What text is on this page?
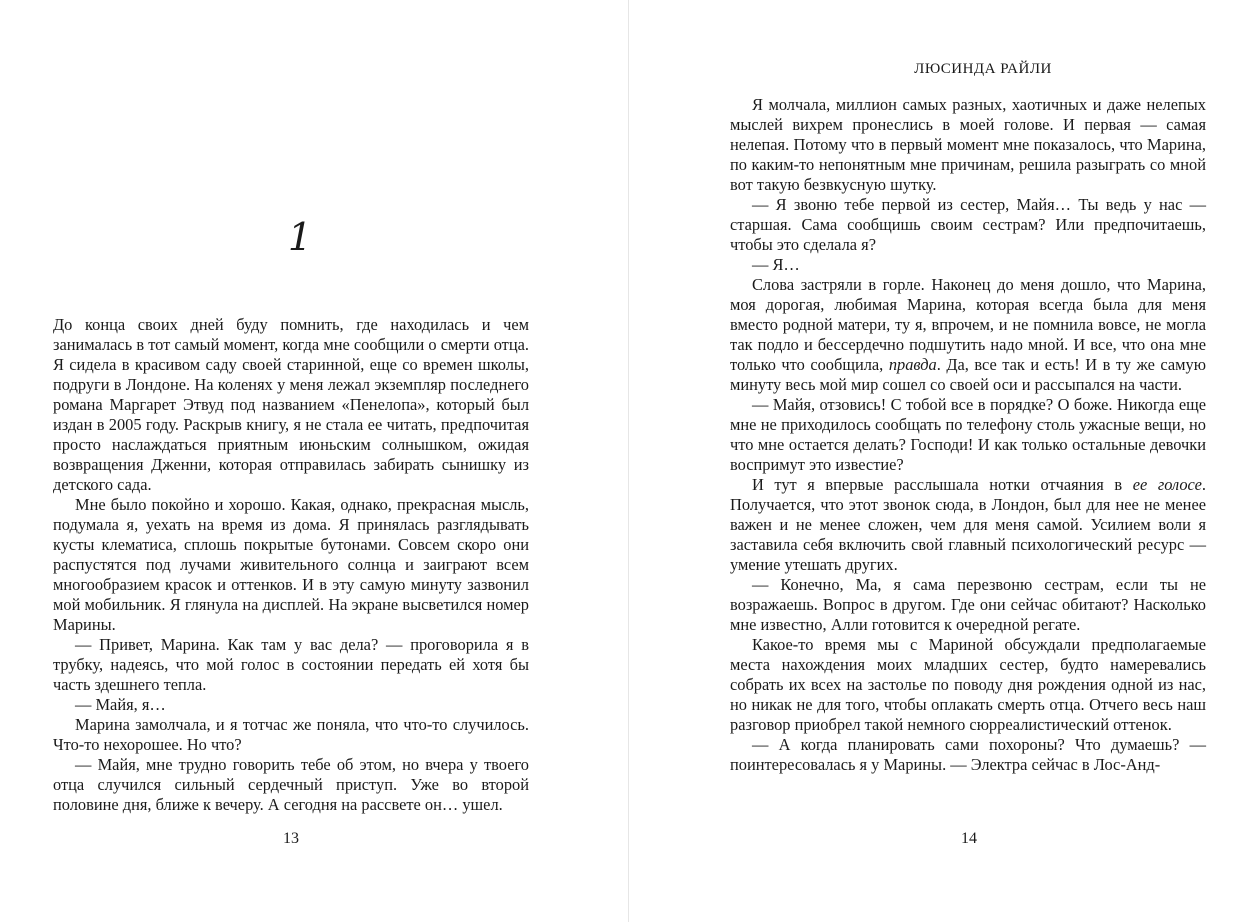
1

До конца своих дней буду помнить, где находилась и чем занималась в тот самый момент, когда мне сообщили о смерти отца. Я сидела в красивом саду своей старинной, еще со времен школы, подруги в Лондоне. На коленях у меня лежал экземпляр последнего романа Маргарет Этвуд под названием «Пенелопа», который был издан в 2005 году. Раскрыв книгу, я не стала ее читать, предпочитая просто наслаждаться приятным июньским солнышком, ожидая возвращения Дженни, которая отправилась забирать сынишку из детского сада.

Мне было покойно и хорошо. Какая, однако, прекрасная мысль, подумала я, уехать на время из дома. Я принялась разглядывать кусты клематиса, сплошь покрытые бутонами. Совсем скоро они распустятся под лучами живительного солнца и заиграют всем многообразием красок и оттенков. И в эту самую минуту зазвонил мой мобильник. Я глянула на дисплей. На экране высветился номер Марины.

— Привет, Марина. Как там у вас дела? — проговорила я в трубку, надеясь, что мой голос в состоянии передать ей хотя бы часть здешнего тепла.

— Майя, я…

Марина замолчала, и я тотчас же поняла, что что-то случилось. Что-то нехорошее. Но что?

— Майя, мне трудно говорить тебе об этом, но вчера у твоего отца случился сильный сердечный приступ. Уже во второй половине дня, ближе к вечеру. А сегодня на рассвете он… ушел.

13
ЛЮСИНДА РАЙЛИ

Я молчала, миллион самых разных, хаотичных и даже нелепых мыслей вихрем пронеслись в моей голове. И первая — самая нелепая. Потому что в первый момент мне показалось, что Марина, по каким-то непонятным мне причинам, решила разыграть со мной вот такую безвкусную шутку.

— Я звоню тебе первой из сестер, Майя… Ты ведь у нас — старшая. Сама сообщишь своим сестрам? Или предпочитаешь, чтобы это сделала я?

— Я…

Слова застряли в горле. Наконец до меня дошло, что Марина, моя дорогая, любимая Марина, которая всегда была для меня вместо родной матери, ту я, впрочем, и не помнила вовсе, не могла так подло и бессердечно подшутить надо мной. И все, что она мне только что сообщила, правда. Да, все так и есть! И в ту же самую минуту весь мой мир сошел со своей оси и рассыпался на части.

— Майя, отзовись! С тобой все в порядке? О боже. Никогда еще мне не приходилось сообщать по телефону столь ужасные вещи, но что мне остается делать? Господи! И как только остальные девочки воспримут это известие?

И тут я впервые расслышала нотки отчаяния в ее голосе. Получается, что этот звонок сюда, в Лондон, был для нее не менее важен и не менее сложен, чем для меня самой. Усилием воли я заставила себя включить свой главный психологический ресурс — умение утешать других.

— Конечно, Ма, я сама перезвоню сестрам, если ты не возражаешь. Вопрос в другом. Где они сейчас обитают? Насколько мне известно, Алли готовится к очередной регате.

Какое-то время мы с Мариной обсуждали предполагаемые места нахождения моих младших сестер, будто намеревались собрать их всех на застолье по поводу дня рождения одной из нас, но никак не для того, чтобы оплакать смерть отца. Отчего весь наш разговор приобрел такой немного сюрреалистический оттенок.

— А когда планировать сами похороны? Что думаешь? — поинтересовалась я у Марины. — Электра сейчас в Лос-Анд-

14
